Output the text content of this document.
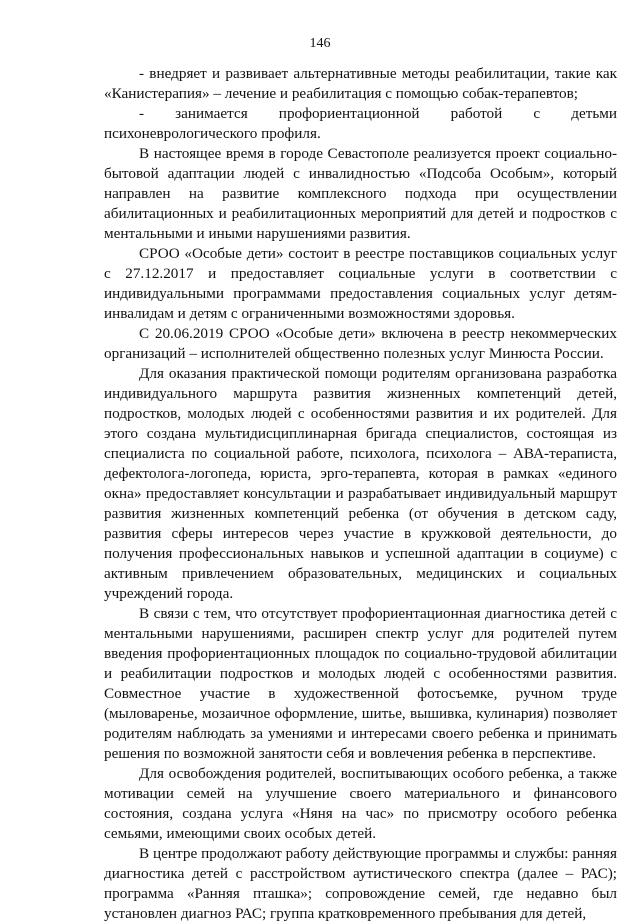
146

- внедряет и развивает альтернативные методы реабилитации, такие как «Канистерапия» – лечение и реабилитация с помощью собак-терапевтов;

- занимается профориентационной работой с детьми психоневрологического профиля.

В настоящее время в городе Севастополе реализуется проект социально-бытовой адаптации людей с инвалидностью «Подсоба Особым», который направлен на развитие комплексного подхода при осуществлении абилитационных и реабилитационных мероприятий для детей и подростков с ментальными и иными нарушениями развития.

СРОО «Особые дети» состоит в реестре поставщиков социальных услуг с 27.12.2017 и предоставляет социальные услуги в соответствии с индивидуальными программами предоставления социальных услуг детям-инвалидам и детям с ограниченными возможностями здоровья.

С 20.06.2019 СРОО «Особые дети» включена в реестр некоммерческих организаций – исполнителей общественно полезных услуг Минюста России.

Для оказания практической помощи родителям организована разработка индивидуального маршрута развития жизненных компетенций детей, подростков, молодых людей с особенностями развития и их родителей. Для этого создана мультидисциплинарная бригада специалистов, состоящая из специалиста по социальной работе, психолога, психолога – АВА-тераписта, дефектолога-логопеда, юриста, эрго-терапевта, которая в рамках «единого окна» предоставляет консультации и разрабатывает индивидуальный маршрут развития жизненных компетенций ребенка (от обучения в детском саду, развития сферы интересов через участие в кружковой деятельности, до получения профессиональных навыков и успешной адаптации в социуме) с активным привлечением образовательных, медицинских и социальных учреждений города.

В связи с тем, что отсутствует профориентационная диагностика детей с ментальными нарушениями, расширен спектр услуг для родителей путем введения профориентационных площадок по социально-трудовой абилитации и реабилитации подростков и молодых людей с особенностями развития. Совместное участие в художественной фотосъемке, ручном труде (мыловаренье, мозаичное оформление, шитье, вышивка, кулинария) позволяет родителям наблюдать за умениями и интересами своего ребенка и принимать решения по возможной занятости себя и вовлечения ребенка в перспективе.

Для освобождения родителей, воспитывающих особого ребенка, а также мотивации семей на улучшение своего материального и финансового состояния, создана услуга «Няня на час» по присмотру особого ребенка семьями, имеющими своих особых детей.

В центре продолжают работу действующие программы и службы: ранняя диагностика детей с расстройством аутистического спектра (далее – РАС); программа «Ранняя пташка»; сопровождение семей, где недавно был установлен диагноз РАС; группа кратковременного пребывания для детей,
